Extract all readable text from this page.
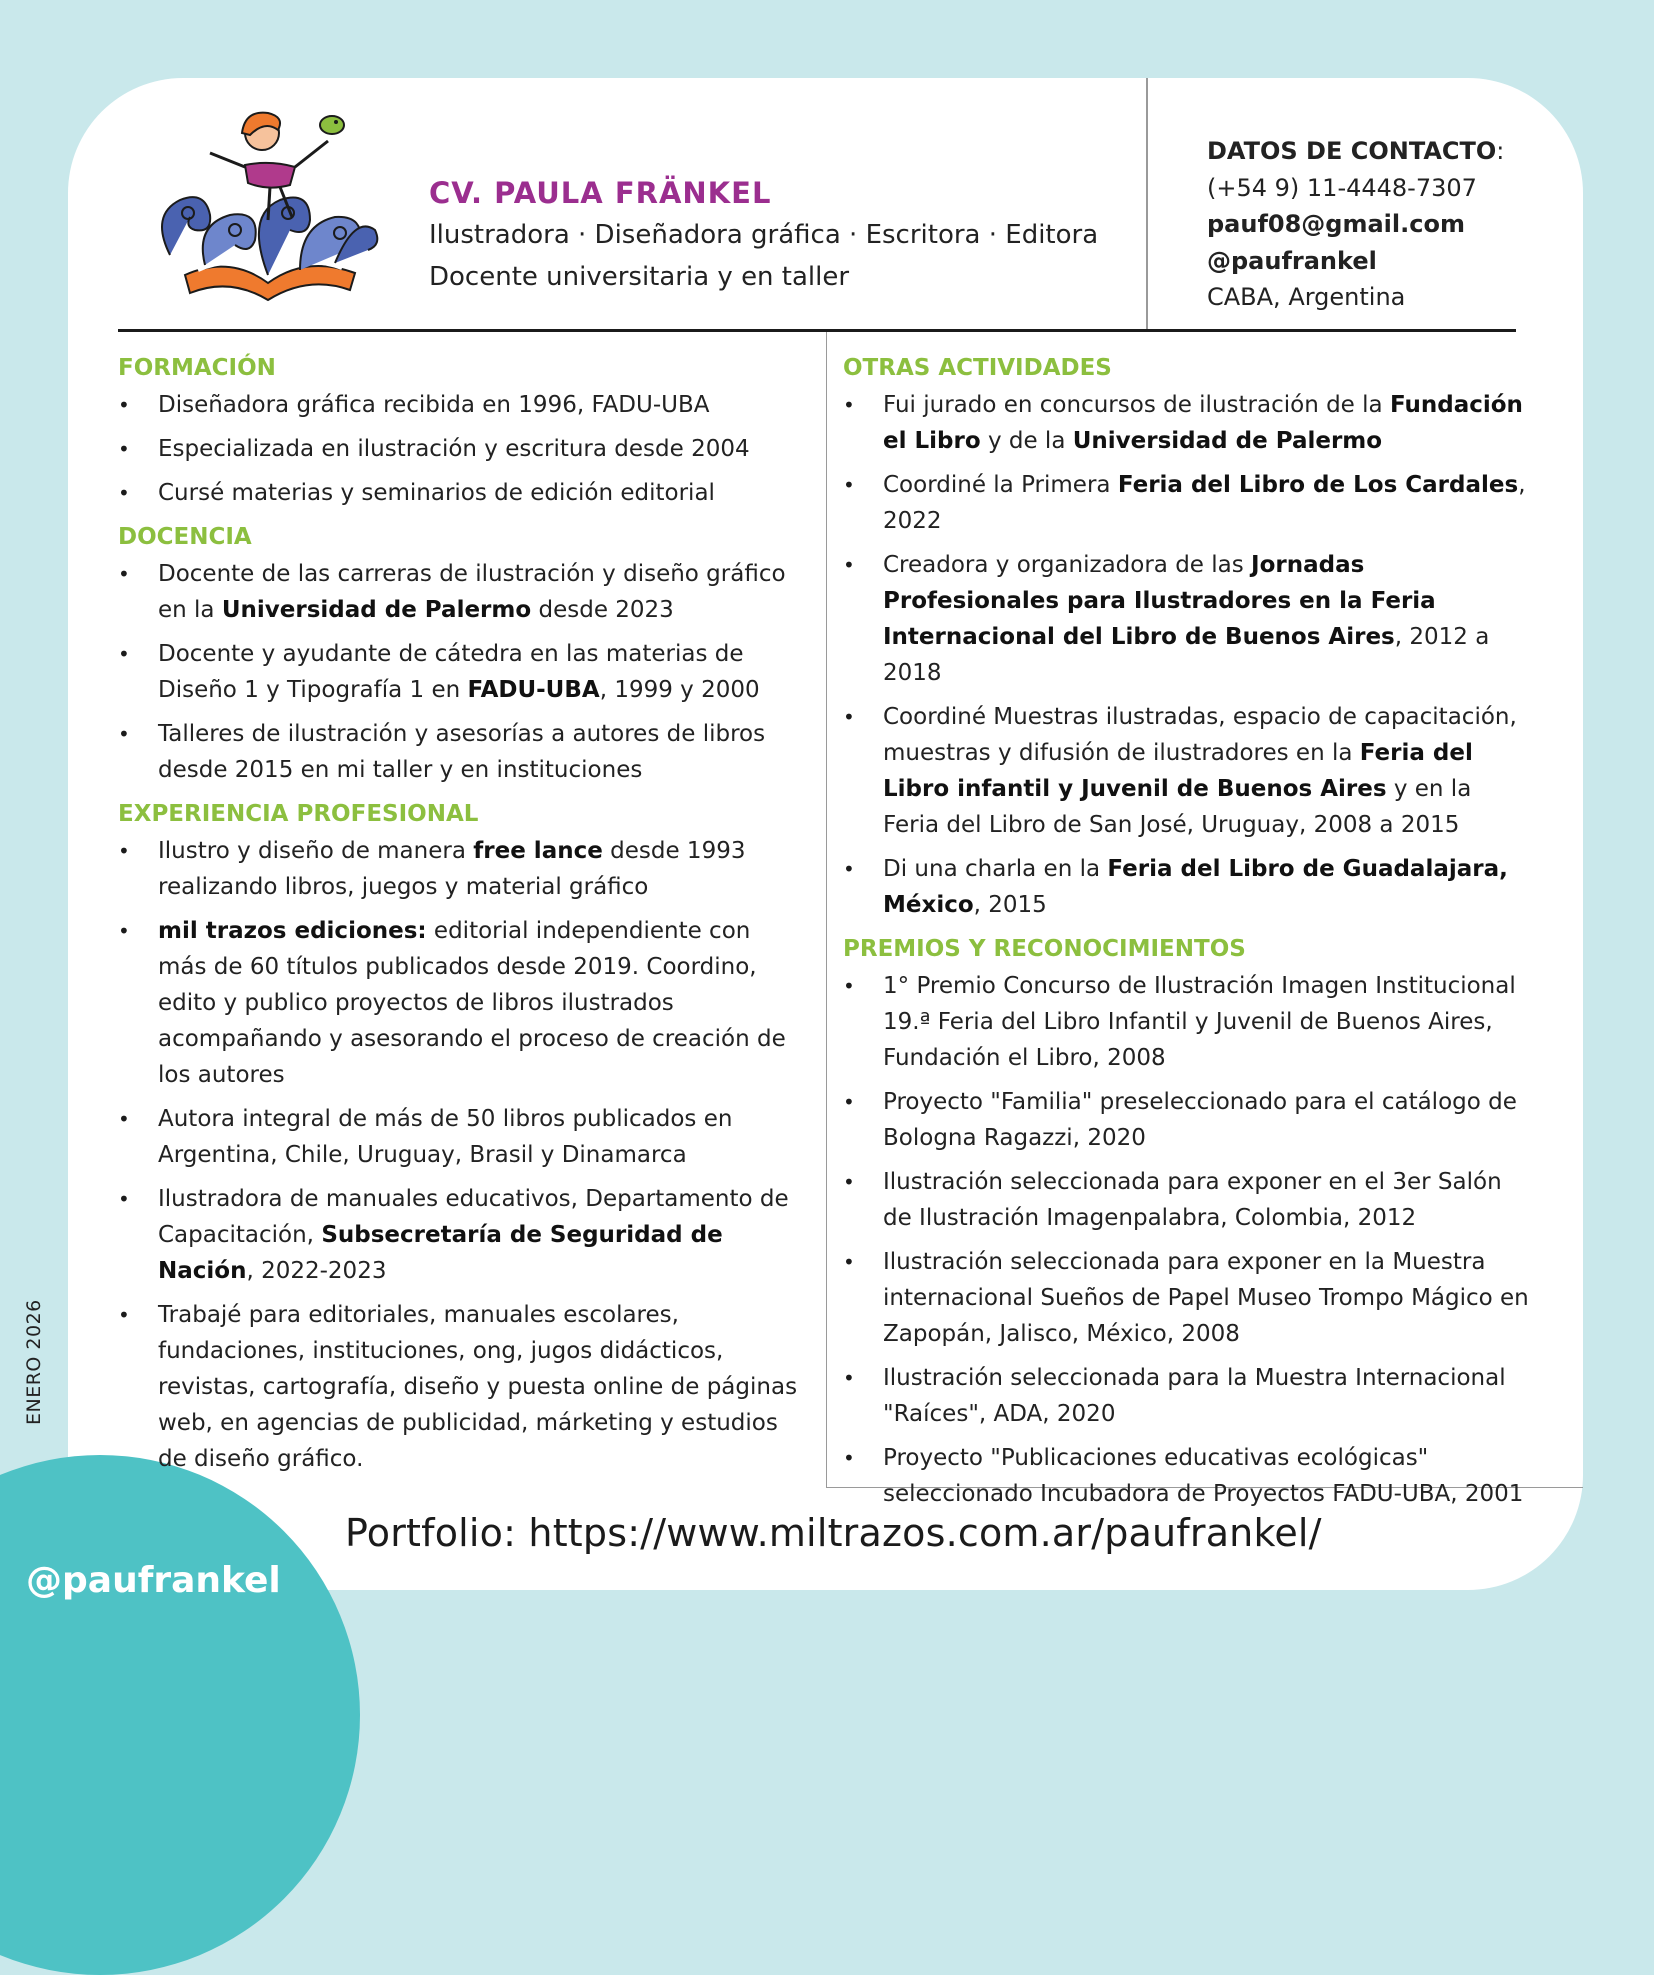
@paufrankel
ENERO 2026
CV. PAULA FRÄNKEL
Ilustradora · Diseñadora gráfica · Escritora · Editora
Docente universitaria y en taller
DATOS DE CONTACTO:
(+54 9) 11-4448-7307
pauf08@gmail.com
@paufrankel
CABA, Argentina
FORMACIÓN
• Diseñadora gráfica recibida en 1996, FADU-UBA
• Especializada en ilustración y escritura desde 2004
• Cursé materias y seminarios de edición editorial
DOCENCIA
• Docente de las carreras de ilustración y diseño gráfico en la Universidad de Palermo desde 2023
• Docente y ayudante de cátedra en las materias de Diseño 1 y Tipografía 1 en FADU-UBA, 1999 y 2000
• Talleres de ilustración y asesorías a autores de libros desde 2015 en mi taller y en instituciones
EXPERIENCIA PROFESIONAL
• Ilustro y diseño de manera free lance desde 1993 realizando libros, juegos y material gráfico
• mil trazos ediciones: editorial independiente con más de 60 títulos publicados desde 2019. Coordino, edito y publico proyectos de libros ilustrados acompañando y asesorando el proceso de creación de los autores
• Autora integral de más de 50 libros publicados en Argentina, Chile, Uruguay, Brasil y Dinamarca
• Ilustradora de manuales educativos, Departamento de Capacitación, Subsecretaría de Seguridad de Nación, 2022-2023
• Trabajé para editoriales, manuales escolares, fundaciones, instituciones, ong, jugos didácticos, revistas, cartografía, diseño y puesta online de páginas web, en agencias de publicidad, márketing y estudios de diseño gráfico.
OTRAS ACTIVIDADES
• Fui jurado en concursos de ilustración de la Fundación el Libro y de la Universidad de Palermo
• Coordiné la Primera Feria del Libro de Los Cardales, 2022
• Creadora y organizadora de las Jornadas Profesionales para Ilustradores en la Feria Internacional del Libro de Buenos Aires, 2012 a 2018
• Coordiné Muestras ilustradas, espacio de capacitación, muestras y difusión de ilustradores en la Feria del Libro infantil y Juvenil de Buenos Aires y en la Feria del Libro de San José, Uruguay, 2008 a 2015
• Di una charla en la Feria del Libro de Guadalajara, México, 2015
PREMIOS Y RECONOCIMIENTOS
• 1° Premio Concurso de Ilustración Imagen Institucional 19.ª Feria del Libro Infantil y Juvenil de Buenos Aires, Fundación el Libro, 2008
• Proyecto "Familia" preseleccionado para el catálogo de Bologna Ragazzi, 2020
• Ilustración seleccionada para exponer en el 3er Salón de Ilustración Imagenpalabra, Colombia, 2012
• Ilustración seleccionada para exponer en la Muestra internacional Sueños de Papel Museo Trompo Mágico en Zapopán, Jalisco, México, 2008
• Ilustración seleccionada para la Muestra Internacional "Raíces", ADA, 2020
• Proyecto "Publicaciones educativas ecológicas" seleccionado Incubadora de Proyectos FADU-UBA, 2001
Portfolio: https://www.miltrazos.com.ar/paufrankel/
